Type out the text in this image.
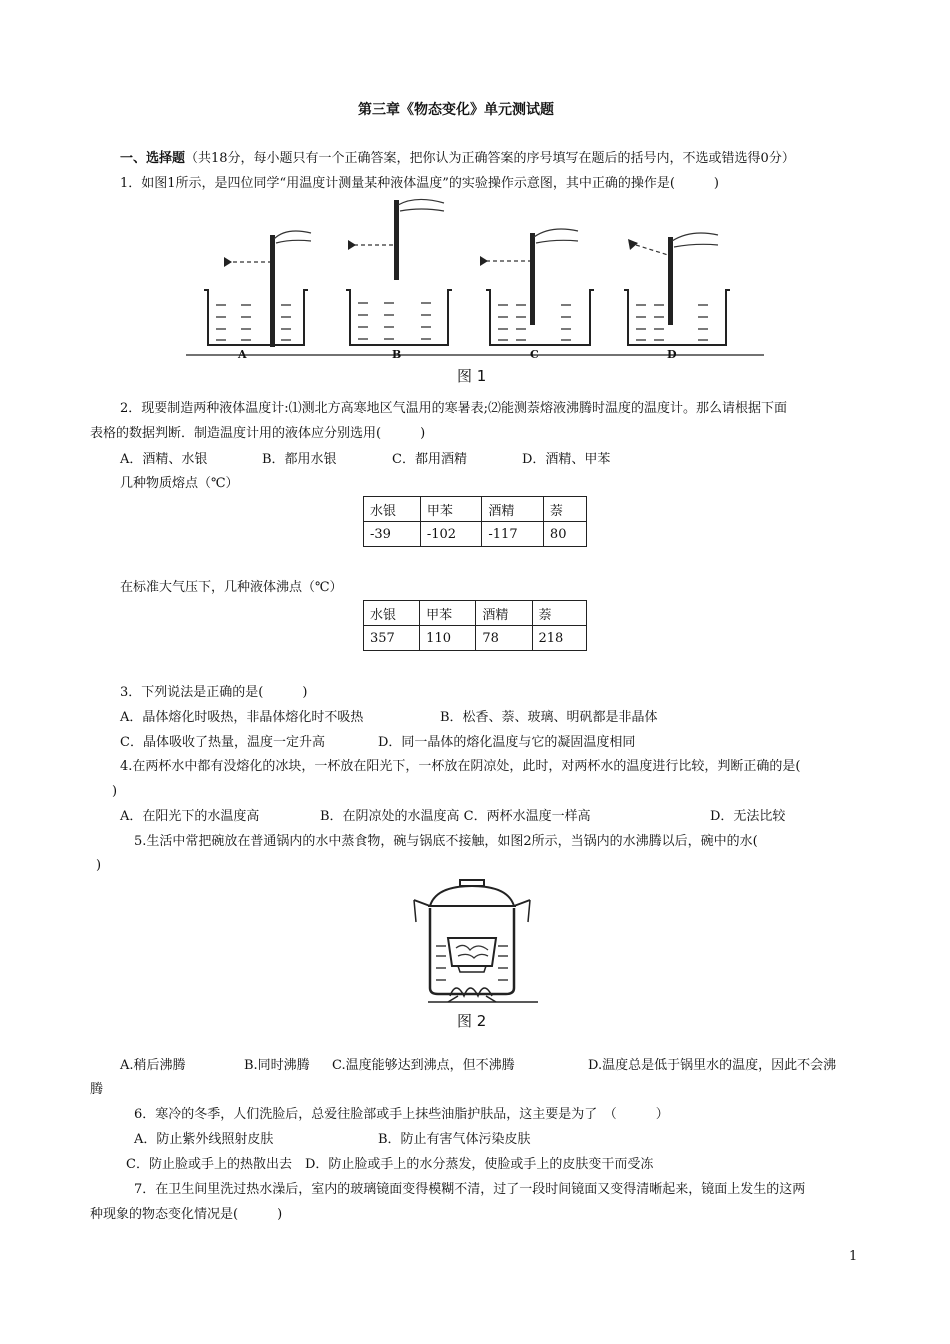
第三章《物态变化》单元测试题
一、选择题（共18分，每小题只有一个正确答案，把你认为正确答案的序号填写在题后的括号内，不选或错选得0分）
1．如图1所示，是四位同学“用温度计测量某种液体温度”的实验操作示意图，其中正确的操作是(　　　)
A	B	C	D
图 1
2．现要制造两种液体温度计:⑴测北方高寒地区气温用的寒暑表;⑵能测萘熔液沸腾时温度的温度计。那么请根据下面
表格的数据判断．制造温度计用的液体应分别选用(　　　)
A．酒精、水银	B．都用水银	C．都用酒精	D．酒精、甲苯
几种物质熔点（℃）
水银	甲苯	酒精	萘
-39	-102	-117	80
在标准大气压下，几种液体沸点（℃）
水银	甲苯	酒精	萘
357	110	78	218
3．下列说法是正确的是(　　　)
A．晶体熔化时吸热，非晶体熔化时不吸热	B．松香、萘、玻璃、明矾都是非晶体
C．晶体吸收了热量，温度一定升高	D．同一晶体的熔化温度与它的凝固温度相同
4.在两杯水中都有没熔化的冰块，一杯放在阳光下，一杯放在阴凉处，此时，对两杯水的温度进行比较，判断正确的是(
)
A．在阳光下的水温度高	B．在阴凉处的水温度高 C．两杯水温度一样高	D．无法比较
5.生活中常把碗放在普通锅内的水中蒸食物，碗与锅底不接触，如图2所示，当锅内的水沸腾以后，碗中的水(
)
图 2
A.稍后沸腾	B.同时沸腾 C.温度能够达到沸点，但不沸腾	D.温度总是低于锅里水的温度，因此不会沸
腾
6．寒冷的冬季，人们洗脸后，总爱往脸部或手上抹些油脂护肤品，这主要是为了　（　　　）
A．防止紫外线照射皮肤	B．防止有害气体污染皮肤
C．防止脸或手上的热散出去　D．防止脸或手上的水分蒸发，使脸或手上的皮肤变干而受冻
7．在卫生间里洗过热水澡后，室内的玻璃镜面变得模糊不清，过了一段时间镜面又变得清晰起来，镜面上发生的这两
种现象的物态变化情况是(　　　)
1
